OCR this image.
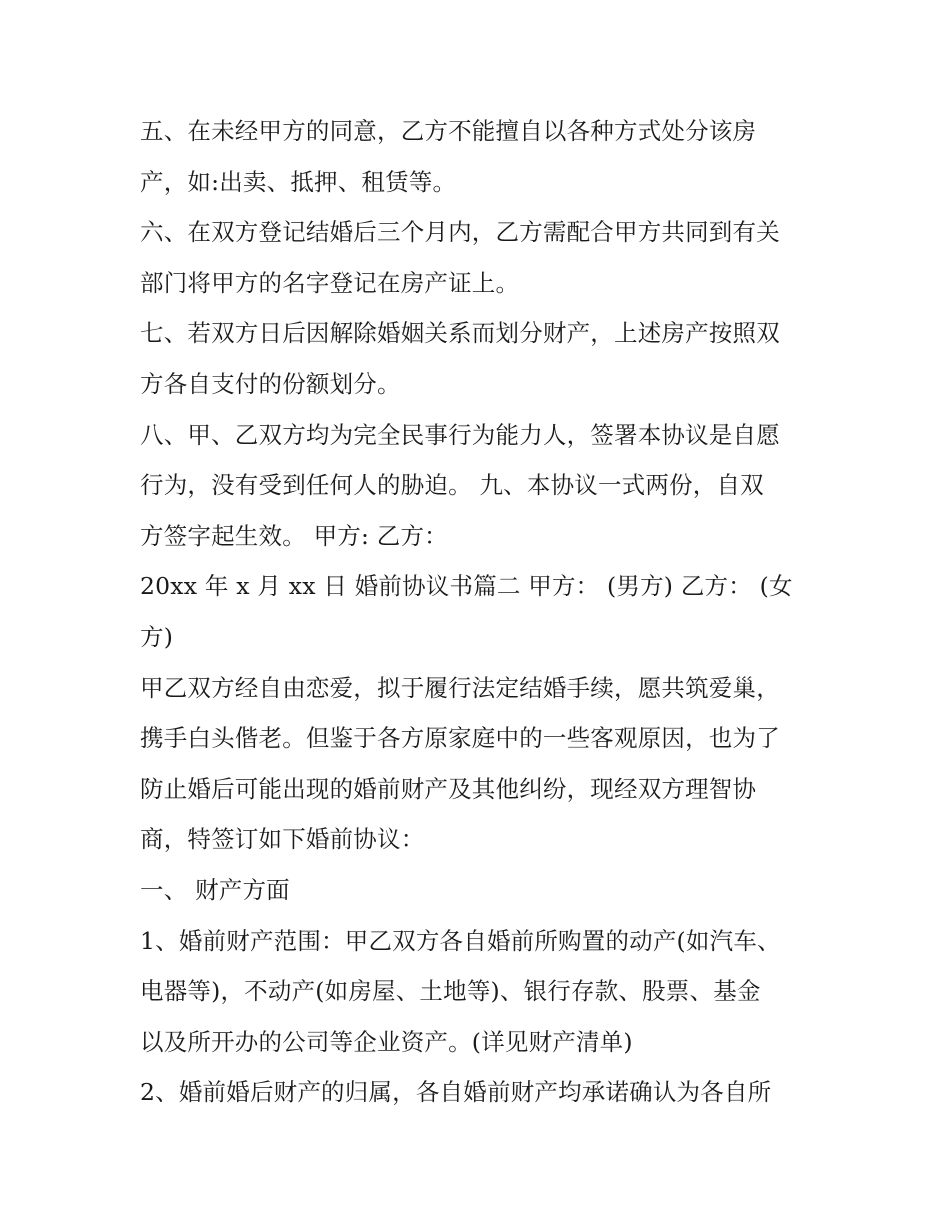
五、在未经甲方的同意，乙方不能擅自以各种方式处分该房
产，如:出卖、抵押、租赁等。
六、在双方登记结婚后三个月内，乙方需配合甲方共同到有关
部门将甲方的名字登记在房产证上。
七、若双方日后因解除婚姻关系而划分财产，上述房产按照双
方各自支付的份额划分。
八、甲、乙双方均为完全民事行为能力人，签署本协议是自愿
行为，没有受到任何人的胁迫。 九、本协议一式两份，自双
方签字起生效。 甲方: 乙方：
20xx 年 x 月 xx 日 婚前协议书篇二 甲方： (男方) 乙方： (女
方)
甲乙双方经自由恋爱，拟于履行法定结婚手续，愿共筑爱巢，
携手白头偕老。但鉴于各方原家庭中的一些客观原因，也为了
防止婚后可能出现的婚前财产及其他纠纷，现经双方理智协
商，特签订如下婚前协议：
一、 财产方面
1、婚前财产范围：甲乙双方各自婚前所购置的动产(如汽车、
电器等)，不动产(如房屋、土地等)、银行存款、股票、基金
以及所开办的公司等企业资产。(详见财产清单)
2、婚前婚后财产的归属，各自婚前财产均承诺确认为各自所
